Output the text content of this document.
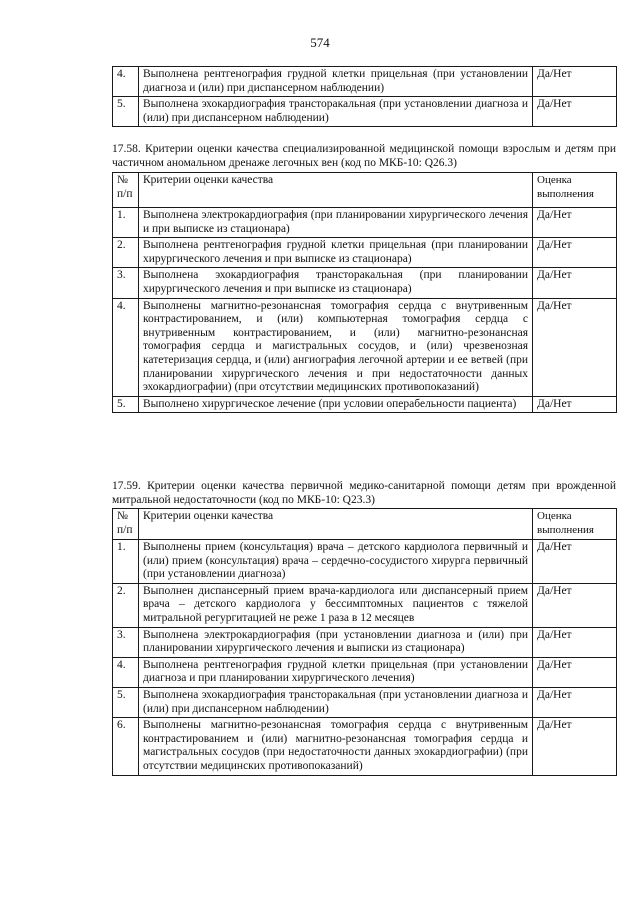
574
4.	Выполнена рентгенография грудной клетки прицельная (при установлении диагноза и (или) при диспансерном наблюдении)	Да/Нет
5.	Выполнена эхокардиография трансторакальная (при установлении диагноза и (или) при диспансерном наблюдении)	Да/Нет
17.58. Критерии оценки качества специализированной медицинской помощи взрослым и детям при частичном аномальном дренаже легочных вен (код по МКБ-10: Q26.3)
№ п/п	Критерии оценки качества	Оценка выполнения
1.	Выполнена электрокардиография (при планировании хирургического лечения и при выписке из стационара)	Да/Нет
2.	Выполнена рентгенография грудной клетки прицельная (при планировании хирургического лечения и при выписке из стационара)	Да/Нет
3.	Выполнена эхокардиография трансторакальная (при планировании хирургического лечения и при выписке из стационара)	Да/Нет
4.	Выполнены магнитно-резонансная томография сердца с внутривенным контрастированием, и (или) компьютерная томография сердца с внутривенным контрастированием, и (или) магнитно-резонансная томография сердца и магистральных сосудов, и (или) чрезвенозная катетеризация сердца, и (или) ангиография легочной артерии и ее ветвей (при планировании хирургического лечения и при недостаточности данных эхокардиографии) (при отсутствии медицинских противопоказаний)	Да/Нет
5.	Выполнено хирургическое лечение (при условии операбельности пациента)	Да/Нет
17.59. Критерии оценки качества первичной медико-санитарной помощи детям при врожденной митральной недостаточности (код по МКБ-10: Q23.3)
№ п/п	Критерии оценки качества	Оценка выполнения
1.	Выполнены прием (консультация) врача – детского кардиолога первичный и (или) прием (консультация) врача – сердечно-сосудистого хирурга первичный (при установлении диагноза)	Да/Нет
2.	Выполнен диспансерный прием врача-кардиолога или диспансерный прием врача – детского кардиолога у бессимптомных пациентов с тяжелой митральной регургитацией не реже 1 раза в 12 месяцев	Да/Нет
3.	Выполнена электрокардиография (при установлении диагноза и (или) при планировании хирургического лечения и выписки из стационара)	Да/Нет
4.	Выполнена рентгенография грудной клетки прицельная (при установлении диагноза и при планировании хирургического лечения)	Да/Нет
5.	Выполнена эхокардиография трансторакальная (при установлении диагноза и (или) при диспансерном наблюдении)	Да/Нет
6.	Выполнены магнитно-резонансная томография сердца с внутривенным контрастированием и (или) магнитно-резонансная томография сердца и магистральных сосудов (при недостаточности данных эхокардиографии) (при отсутствии медицинских противопоказаний)	Да/Нет
